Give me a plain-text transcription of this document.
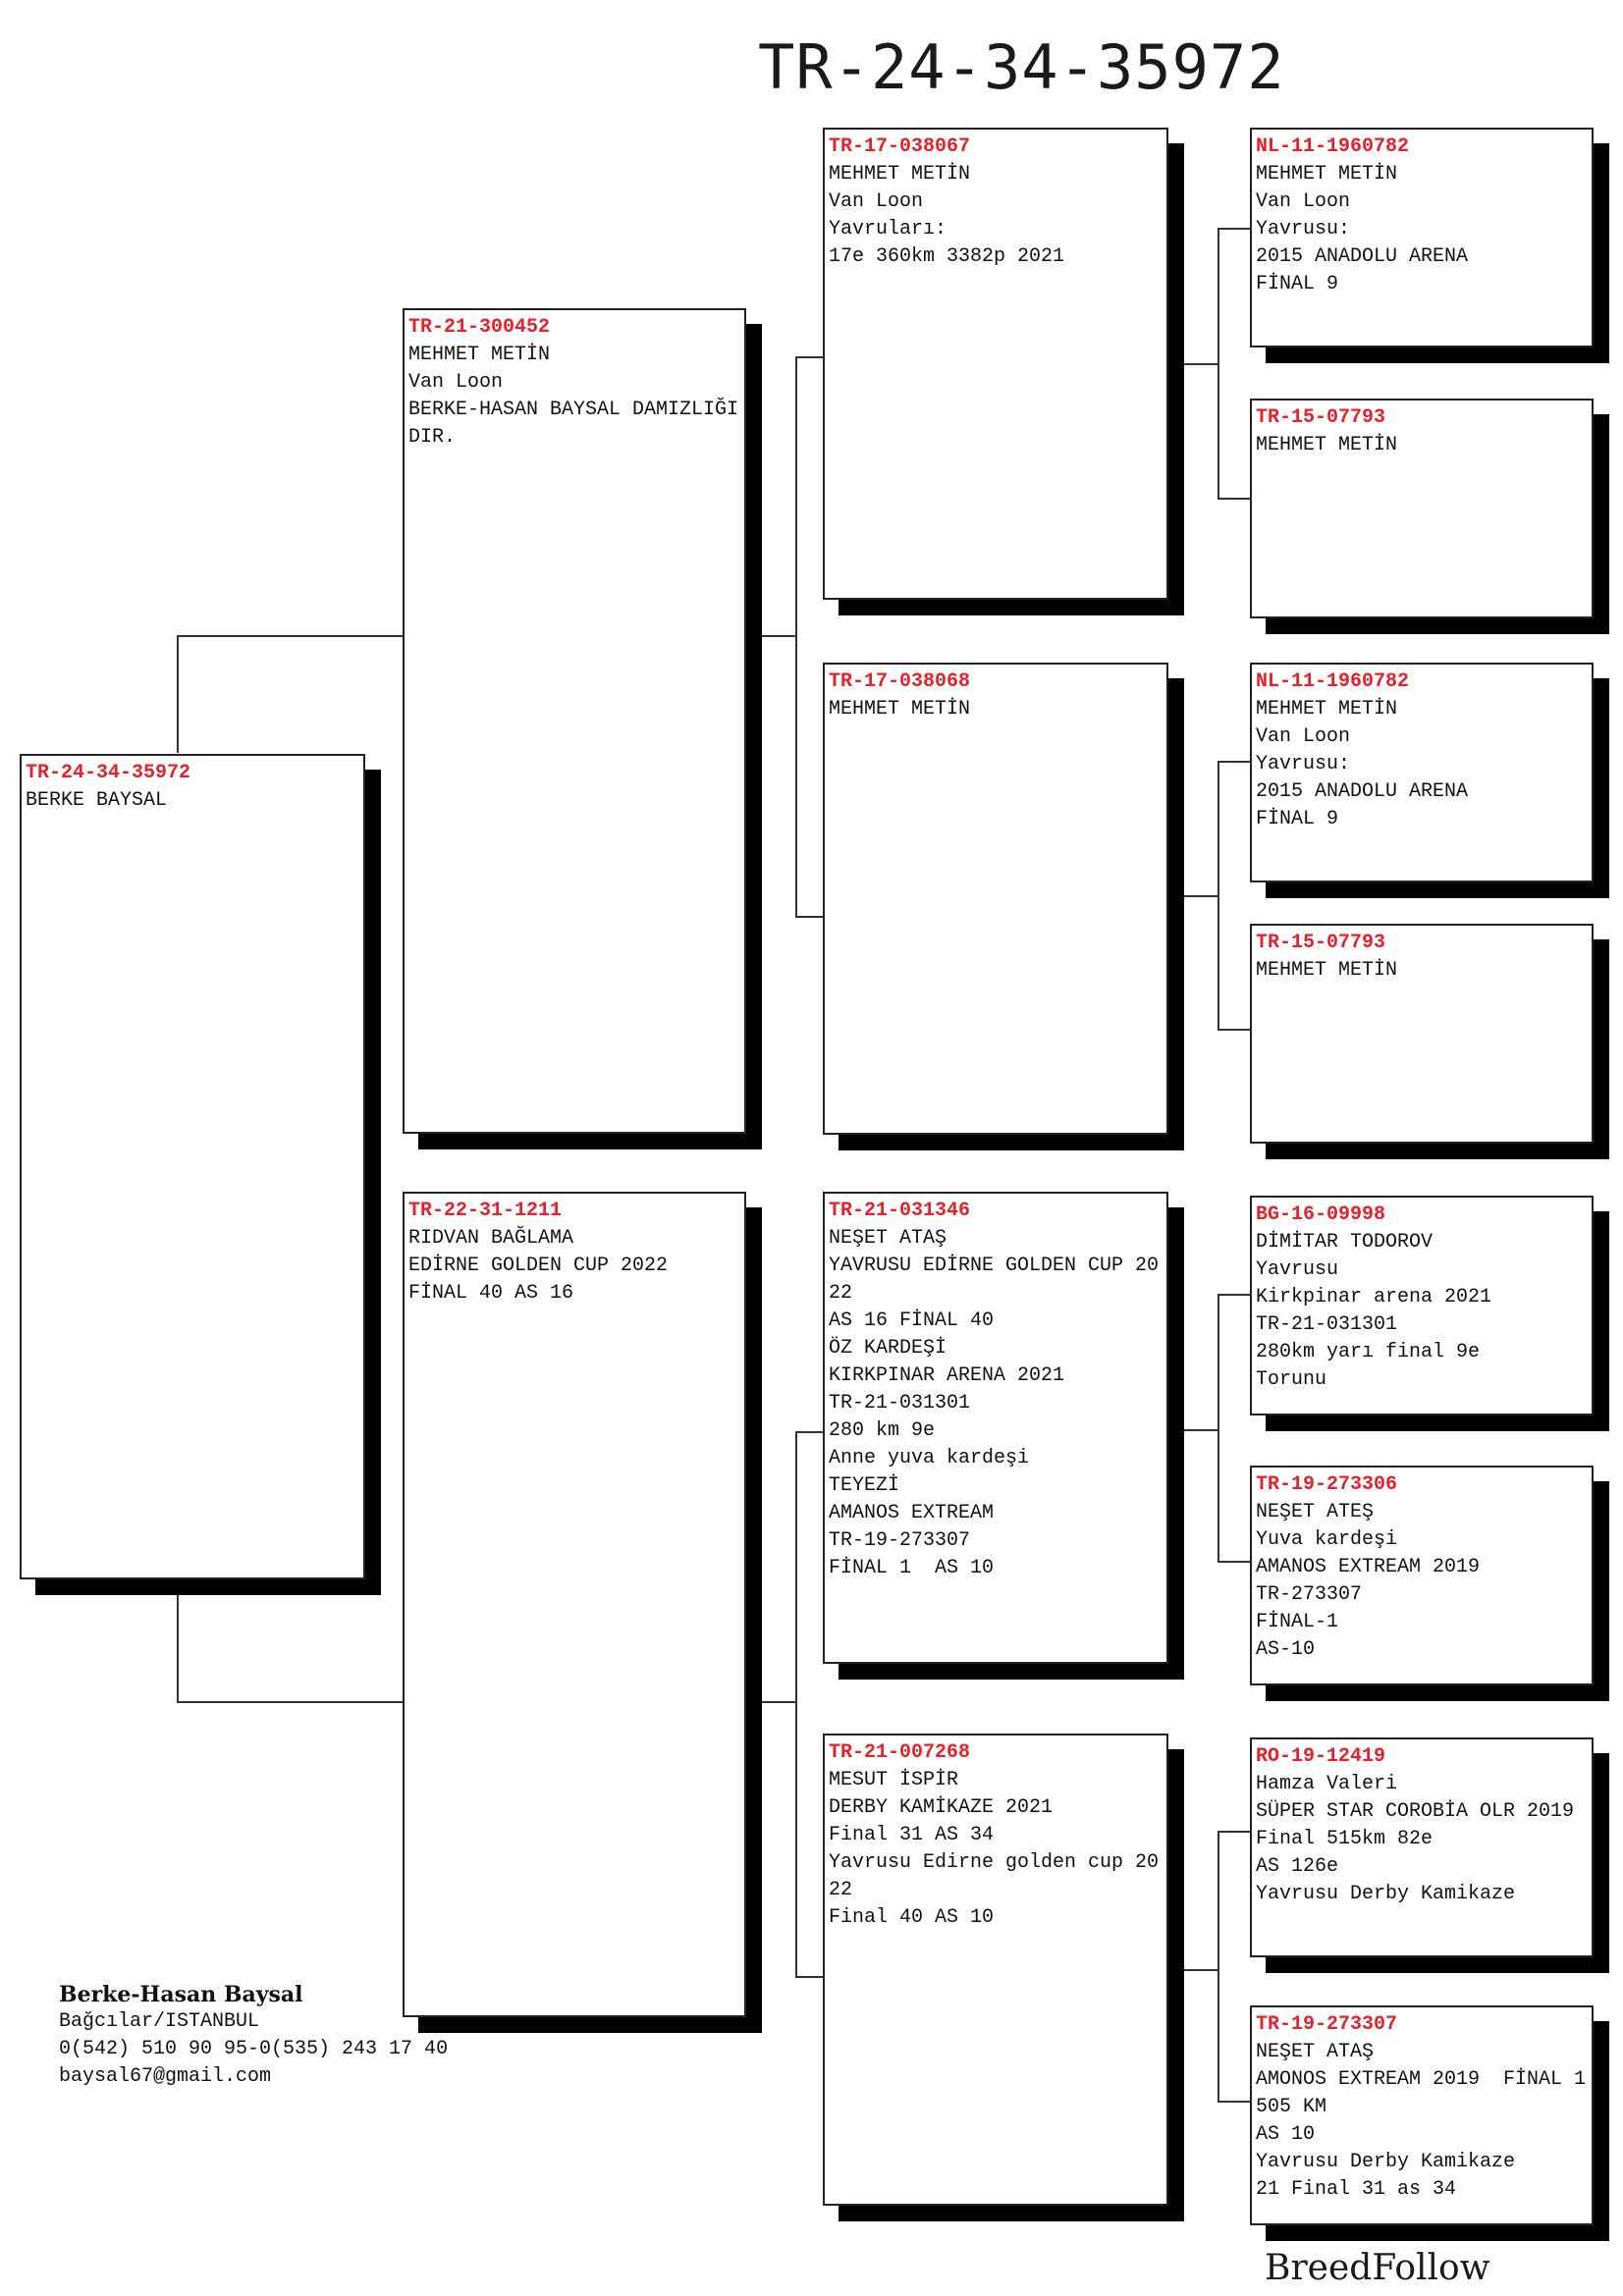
TR-24-34-35972
TR-24-34-35972
BERKE BAYSAL
TR-21-300452
MEHMET METİN
Van Loon
BERKE-HASAN BAYSAL DAMIZLIĞIDIR.
TR-22-31-1211
RIDVAN BAĞLAMA
EDİRNE GOLDEN CUP 2022
FİNAL 40 AS 16
TR-17-038067
MEHMET METİN
Van Loon
Yavruları:
17e 360km 3382p 2021
TR-17-038068
MEHMET METİN
TR-21-031346
NEŞET ATAŞ
YAVRUSU EDİRNE GOLDEN CUP 2022
AS 16 FİNAL 40
ÖZ KARDEŞİ
KIRKPINAR ARENA 2021
TR-21-031301
280 km 9e
Anne yuva kardeşi
TEYEZİ
AMANOS EXTREAM
TR-19-273307
FİNAL 1  AS 10
TR-21-007268
MESUT İSPİR
DERBY KAMİKAZE 2021
Final 31 AS 34
Yavrusu Edirne golden cup 2022
Final 40 AS 10
NL-11-1960782
MEHMET METİN
Van Loon
Yavrusu:
2015 ANADOLU ARENA
FİNAL 9
TR-15-07793
MEHMET METİN
NL-11-1960782
MEHMET METİN
Van Loon
Yavrusu:
2015 ANADOLU ARENA
FİNAL 9
TR-15-07793
MEHMET METİN
BG-16-09998
DİMİTAR TODOROV
Yavrusu
Kirkpinar arena 2021
TR-21-031301
280km yarı final 9e
Torunu
TR-19-273306
NEŞET ATEŞ
Yuva kardeşi
AMANOS EXTREAM 2019
TR-273307
FİNAL-1
AS-10
RO-19-12419
Hamza Valeri
SÜPER STAR COROBİA OLR 2019
Final 515km 82e
AS 126e
Yavrusu Derby Kamikaze
TR-19-273307
NEŞET ATAŞ
AMONOS EXTREAM 2019  FİNAL 1 505 KM
AS 10
Yavrusu Derby Kamikaze
21 Final 31 as 34
Berke-Hasan Baysal
Bağcılar/ISTANBUL
0(542) 510 90 95-0(535) 243 17 40
baysal67@gmail.com
BreedFollow
